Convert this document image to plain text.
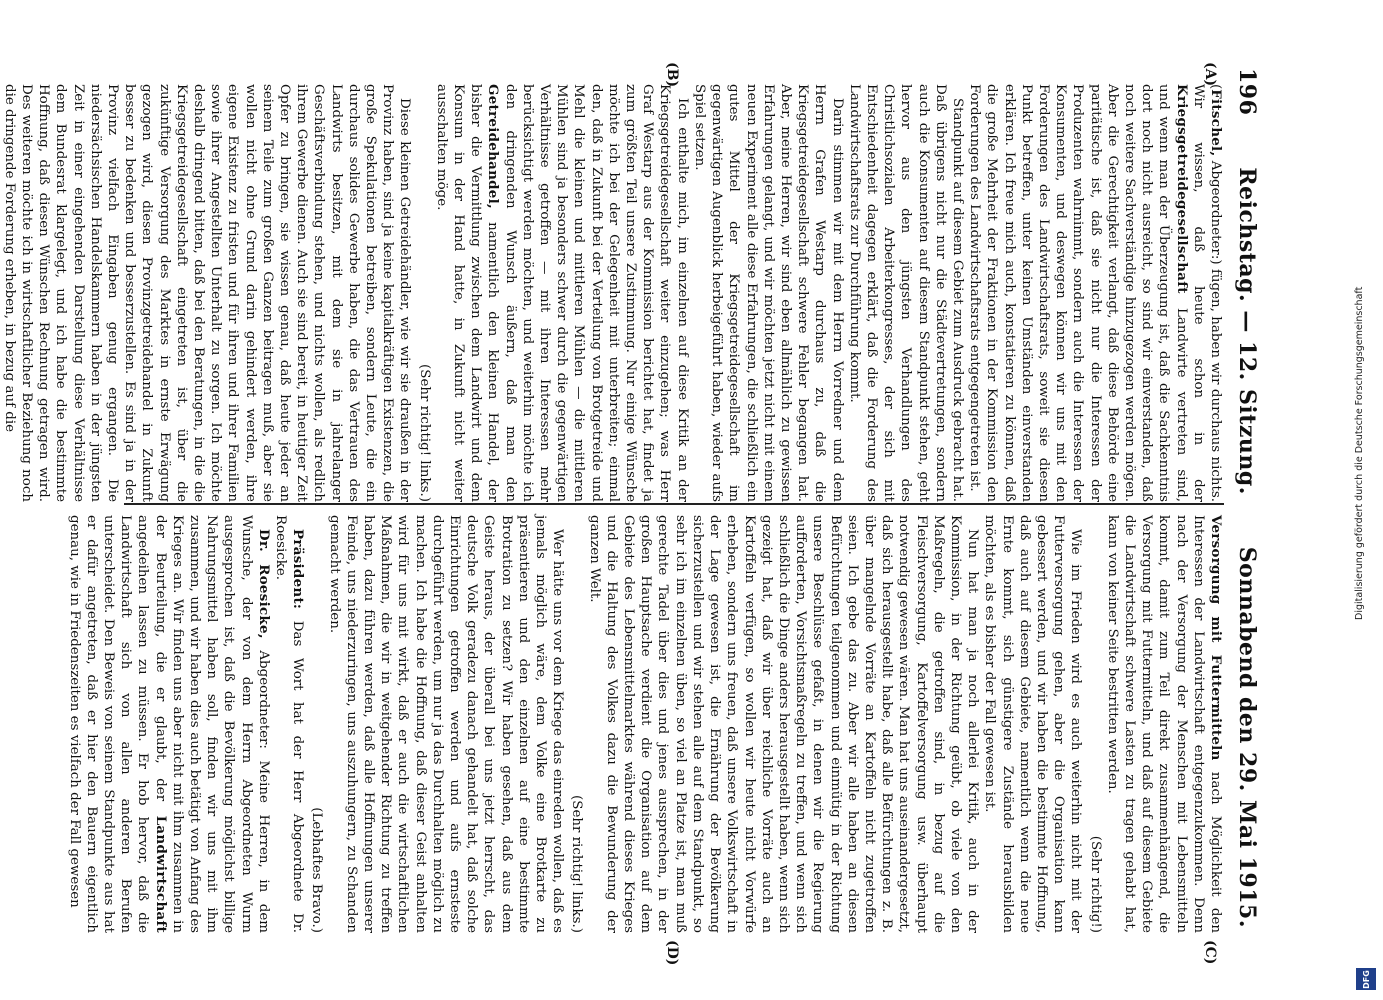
196
Reichstag. — 12. Sitzung.
Sonnabend den 29. Mai 1915.
(A)
(B)
(C)
(D)

(Fitschel, Abgeordneter:) fügen, haben wir durchaus nichts. Wir wissen, daß heute schon in der Kriegsgetreidegesellschaft Landwirte vertreten sind, und wenn man der Überzeugung ist, daß die Sachkenntnis dort noch nicht ausreicht, so sind wir einverstanden, daß noch weitere Sachverständige hinzugezogen werden mögen. Aber die Gerechtigkeit verlangt, daß diese Behörde eine paritätische ist, daß sie nicht nur die Interessen der Produzenten wahrnimmt, sondern auch die Interessen der Konsumenten, und deswegen können wir uns mit den Forderungen des Landwirtschaftsrats, soweit sie diesen Punkt betreffen, unter keinen Umständen einverstanden erklären. Ich freue mich auch, konstatieren zu können, daß die große Mehrheit der Fraktionen in der Kommission den Forderungen des Landwirtschaftsrats entgegengetreten ist.

Standpunkt auf diesem Gebiet zum Ausdruck gebracht hat. Daß übrigens nicht nur die Städtevertretungen, sondern auch die Konsumenten auf diesem Standpunkt stehen, geht hervor aus den jüngsten Verhandlungen des Christlichsozialen Arbeiterkongresses, der sich mit Entschiedenheit dagegen erklärt, daß die Forderung des Landwirtschaftsrats zur Durchführung kommt.

Darin stimmen wir mit dem Herrn Vorredner und dem Herrn Grafen Westarp durchaus zu, daß die Kriegsgetreidegesellschaft schwere Fehler begangen hat. Aber, meine Herren, wir sind eben allmählich zu gewissen Erfahrungen gelangt, und wir möchten jetzt nicht mit einem neuen Experiment alle diese Erfahrungen, die schließlich ein gutes Mittel der Kriegsgetreidegesellschaft im gegenwärtigen Augenblick herbeigeführt haben, wieder aufs Spiel setzen.

Ich enthalte mich, im einzelnen auf diese Kritik an der Kriegsgetreidegesellschaft weiter einzugehen; was Herr Graf Westarp aus der Kommission berichtet hat, findet ja zum größten Teil unsere Zustimmung. Nur einige Wünsche möchte ich bei der Gelegenheit mit unterbreiten; einmal den, daß in Zukunft bei der Verteilung von Brotgetreide und Mehl die kleinen und mittleren Mühlen — die mittleren Mühlen sind ja besonders schwer durch die gegenwärtigen Verhältnisse getroffen — mit ihren Interessen mehr berücksichtigt werden möchten, und weiterhin möchte ich den dringenden Wunsch äußern, daß man den Getreidehandel, namentlich den kleinen Handel, der bisher die Vermittlung zwischen dem Landwirt und dem Konsum in der Hand hatte, in Zukunft nicht weiter ausschalten möge.

(Sehr richtig! links.)

Diese kleinen Getreidehändler, wie wir sie draußen in der Provinz haben, sind ja keine kapitalkräftigen Existenzen, die große Spekulationen betreiben, sondern Leute, die ein durchaus solides Gewerbe haben, die das Vertrauen des Landwirts besitzen, mit dem sie in jahrelanger Geschäftsverbindung stehen, und nichts wollen, als redlich ihrem Gewerbe dienen. Auch sie sind bereit, in heutiger Zeit Opfer zu bringen, sie wissen genau, daß heute jeder an seinem Teile zum großen Ganzen beitragen muß, aber sie wollen nicht ohne Grund darin gehindert werden, ihre eigene Existenz zu fristen und für ihren und ihrer Familien sowie ihrer Angestellten Unterhalt zu sorgen. Ich möchte deshalb dringend bitten, daß bei den Beratungen, in die die Kriegsgetreidegesellschaft eingetreten ist, über die zukünftige Versorgung des Marktes in ernste Erwägung gezogen wird, diesen Provinzgetreidehandel in Zukunft besser zu bedenken und besserzustellen. Es sind ja in der Provinz vielfach Eingaben genug ergangen. Die niedersächsischen Handelskammern haben in der jüngsten Zeit in einer eingehenden Darstellung diese Verhältnisse dem Bundesrat klargelegt, und ich habe die bestimmte Hoffnung, daß diesen Wünschen Rechnung getragen wird. Des weiteren möchte ich in wirtschaftlicher Beziehung noch die dringende Forderung erheben, in bezug auf die

Versorgung mit Futtermitteln nach Möglichkeit den Interessen der Landwirtschaft entgegenzukommen. Denn nach der Versorgung der Menschen mit Lebensmitteln kommt, damit zum Teil direkt zusammenhängend, die Versorgung mit Futtermitteln, und daß auf diesem Gebiete die Landwirtschaft schwere Lasten zu tragen gehabt hat, kann von keiner Seite bestritten werden.

(Sehr richtig!)

Wie im Frieden wird es auch weiterhin nicht mit der Futterversorgung gehen, aber die Organisation kann gebessert werden, und wir haben die bestimmte Hoffnung, daß auch auf diesem Gebiete, namentlich wenn die neue Ernte kommt, sich günstigere Zustände herausbilden möchten, als es bisher der Fall gewesen ist.

Nun hat man ja noch allerlei Kritik, auch in der Kommission, in der Richtung geübt, ob viele von den Maßregeln, die getroffen sind, in bezug auf die Fleischversorgung, Kartoffelversorgung usw. überhaupt notwendig gewesen wären. Man hat uns auseinandergesetzt, daß sich herausgestellt habe, daß alle Befürchtungen z. B. über mangelnde Vorräte an Kartoffeln nicht zugetroffen seien. Ich gebe das zu. Aber wir alle haben an diesen Befürchtungen teilgenommen und einmütig in der Richtung unsere Beschlüsse gefaßt, in denen wir die Regierung aufforderten, Vorsichtsmaßregeln zu treffen, und wenn sich schließlich die Dinge anders herausgestellt haben, wenn sich gezeigt hat, daß wir über reichliche Vorräte auch an Kartoffeln verfügen, so wollen wir heute nicht Vorwürfe erheben, sondern uns freuen, daß unsere Volkswirtschaft in der Lage gewesen ist, die Ernährung der Bevölkerung sicherzustellen und wir stehen alle auf dem Standpunkt, so sehr ich im einzelnen üben, so viel an Platze ist, man muß gerechte Tadel über dies und jenes aussprechen, in der großen Hauptsache verdient die Organisation auf dem Gebiete des Lebensmittelmarktes während dieses Krieges und die Haltung des Volkes dazu die Bewunderung der ganzen Welt.

(Sehr richtig! links.)

Wer hätte uns vor dem Kriege das einreden wollen, daß es jemals möglich wäre, dem Volke eine Brotkarte zu präsentieren und den einzelnen auf eine bestimmte Brotration zu setzen? Wir haben gesehen, daß aus dem Geiste heraus, der überall bei uns jetzt herrscht, das deutsche Volk geradezu danach gehandelt hat, daß solche Einrichtungen getroffen werden und aufs ernsteste durchgeführt werden, um nur ja das Durchhalten möglich zu machen. Ich habe die Hoffnung, daß dieser Geist anhalten wird für uns mit wirkt, daß er auch die wirtschaftlichen Maßnahmen, die wir in weitgehender Richtung zu treffen haben, dazu führen werden, daß alle Hoffnungen unserer Feinde, uns niederzuringen, uns auszuhungern, zu Schanden gemacht werden.

(Lebhaftes Bravo.)

Präsident: Das Wort hat der Herr Abgeordnete Dr. Roesicke.

Dr. Roesicke, Abgeordneter: Meine Herren, in dem Wunsche, der von dem Herrn Abgeordneten Wurm ausgesprochen ist, daß die Bevölkerung möglichst billige Nahrungsmittel haben soll, finden wir uns mit ihm zusammen, und wir haben dies auch betätigt von Anfang des Krieges an. Wir finden uns aber nicht mit ihm zusammen in der Beurteilung, die er glaubt, der Landwirtschaft angedeihen lassen zu müssen. Er hob hervor, daß die Landwirtschaft sich von allen anderen Berufen unterscheidet. Den Beweis von seinem Standpunkte aus hat er dafür angetreten, daß er hier den Bauern eigentlich genau, wie in Friedenszeiten es vielfach der Fall gewesen

Digitalisierung gefördert durch die Deutsche Forschungsgemeinschaft
DFG
